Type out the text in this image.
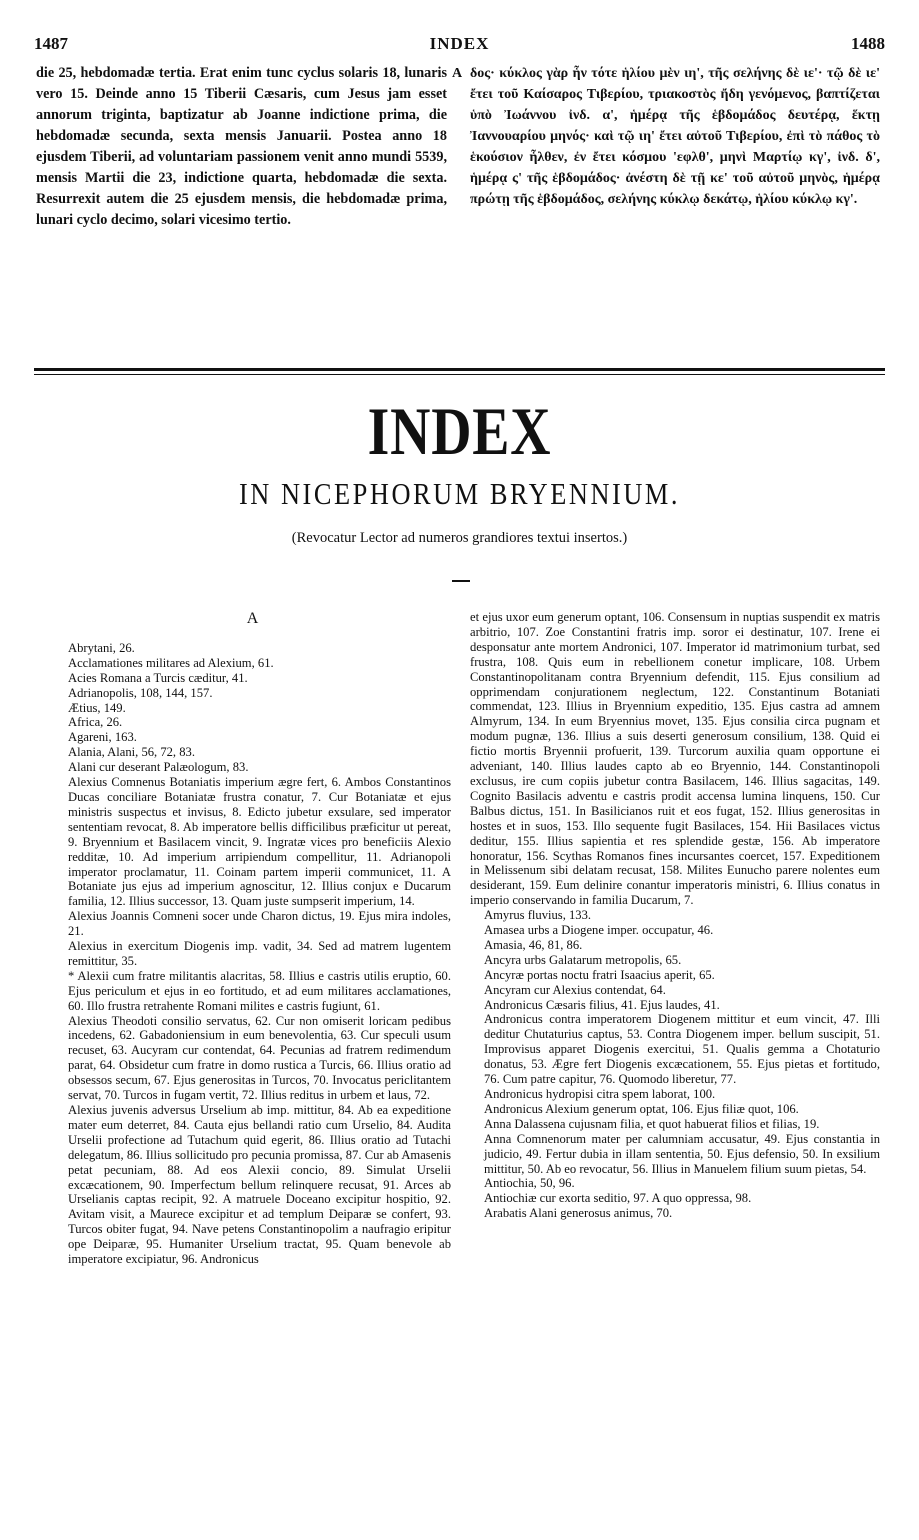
1487	INDEX	1488
die 25, hebdomadæ tertia. Erat enim tunc cyclus solaris 18, lunaris vero 15. Deinde anno 15 Tiberii Cæsaris, cum Jesus jam esset annorum triginta, baptizatur ab Joanne indictione prima, die hebdomadæ secunda, sexta mensis Januarii. Postea anno 18 ejusdem Tiberii, ad voluntariam passionem venit anno mundi 5539, mensis Martii die 23, indictione quarta, hebdomadæ die sexta. Resurrexit autem die 25 ejusdem mensis, die hebdomadæ prima, lunari cyclo decimo, solari vicesimo tertio.
A δος· κύκλος γὰρ ἦν τότε ἡλίου μὲν ιη', τῆς σελήνης δὲ ιε'· τῷ δὲ ιε' ἔτει τοῦ Καίσαρος Τιβερίου, τριακοστὸς ἤδη γενόμενος, βαπτίζεται ὑπὸ Ἰωάννου ἰνδ. α', ἡμέρᾳ τῆς ἑβδομάδος δευτέρᾳ, ἕκτῃ Ἰαννουαρίου μηνός· καὶ τῷ ιη' ἔτει αὐτοῦ Τιβερίου, ἐπὶ τὸ πάθος τὸ ἑκούσιον ἦλθεν, ἐν ἔτει κόσμου 'εφλθ', μηνὶ Μαρτίῳ κγ', ἰνδ. δ', ἡμέρᾳ ς' τῆς ἑβδομάδος· ἀνέστη δὲ τῇ κε' τοῦ αὐτοῦ μηνὸς, ἡμέρᾳ πρώτῃ τῆς ἑβδομάδος, σελήνης κύκλῳ δεκάτῳ, ἡλίου κύκλῳ κγ'.
INDEX
IN NICEPHORUM BRYENNIUM.
(Revocatur Lector ad numeros grandiores textui insertos.)
A

Abrytani, 26.

Acclamationes militares ad Alexium, 61.

Acies Romana a Turcis cæditur, 41.

Adrianopolis, 108, 144, 157.

Ætius, 149.

Africa, 26.

Agareni, 163.

Alania, Alani, 56, 72, 83.

Alani cur deserant Palæologum, 83.

Alexius Comnenus Botaniatis imperium ægre fert, 6. Ambos Constantinos Ducas conciliare Botaniatæ frustra conatur, 7. Cur Botaniatæ et ejus ministris suspectus et invisus, 8. Edicto jubetur exsulare, sed imperator sententiam revocat, 8. Ab imperatore bellis difficilibus præficitur ut pereat, 9. Bryennium et Basilacem vincit, 9. Ingratæ vices pro beneficiis Alexio redditæ, 10. Ad imperium arripiendum compellitur, 11. Adrianopoli imperator proclamatur, 11. Coinam partem imperii communicet, 11. A Botaniate jus ejus ad imperium agnoscitur, 12. Illius conjux e Ducarum familia, 12. Illius successor, 13. Quam juste sumpserit imperium, 14.

Alexius Joannis Comneni socer unde Charon dictus, 19. Ejus mira indoles, 21.

Alexius in exercitum Diogenis imp. vadit, 34. Sed ad matrem lugentem remittitur, 35.

* Alexii cum fratre militantis alacritas, 58. Illius e castris utilis eruptio, 60. Ejus periculum et ejus in eo fortitudo, et ad eum militares acclamationes, 60. Illo frustra retrahente Romani milites e castris fugiunt, 61.

Alexius Theodoti consilio servatus, 62. Cur non omiserit loricam pedibus incedens, 62. Gabadoniensium in eum benevolentia, 63. Cur speculi usum recuset, 63. Aucyram cur contendat, 64. Pecunias ad fratrem redimendum parat, 64. Obsidetur cum fratre in domo rustica a Turcis, 66. Illius oratio ad obsessos secum, 67. Ejus generositas in Turcos, 70. Invocatus periclitantem servat, 70. Turcos in fugam vertit, 72. Illius reditus in urbem et laus, 72.

Alexius juvenis adversus Urselium ab imp. mittitur, 84. Ab ea expeditione mater eum deterret, 84. Cauta ejus bellandi ratio cum Urselio, 84. Audita Urselii profectione ad Tutachum quid egerit, 86. Illius oratio ad Tutachi delegatum, 86. Illius sollicitudo pro pecunia promissa, 87. Cur ab Amasenis petat pecuniam, 88. Ad eos Alexii concio, 89. Simulat Urselii excæcationem, 90. Imperfectum bellum relinquere recusat, 91. Arces ab Urselianis captas recipit, 92. A matruele Doceano excipitur hospitio, 92. Avitam visit, a Maurece excipitur et ad templum Deiparæ se confert, 93. Turcos obiter fugat, 94. Nave petens Constantinopolim a naufragio eripitur ope Deiparæ, 95. Humaniter Urselium tractat, 95. Quam benevole ab imperatore excipiatur, 96. Andronicus

et ejus uxor eum generum optant, 106. Consensum in nuptias suspendit ex matris arbitrio, 107. Zoe Constantini fratris imp. soror ei destinatur, 107. Irene ei desponsatur ante mortem Andronici, 107. Imperator id matrimonium turbat, sed frustra, 108. Quis eum in rebellionem conetur implicare, 108. Urbem Constantinopolitanam contra Bryennium defendit, 115. Ejus consilium ad opprimendam conjurationem neglectum, 122. Constantinum Botaniati commendat, 123. Illius in Bryennium expeditio, 135. Ejus castra ad amnem Almyrum, 134. In eum Bryennius movet, 135. Ejus consilia circa pugnam et modum pugnæ, 136. Illius a suis deserti generosum consilium, 138. Quid ei fictio mortis Bryennii profuerit, 139. Turcorum auxilia quam opportune ei adveniant, 140. Illius laudes capto ab eo Bryennio, 144. Constantinopoli exclusus, ire cum copiis jubetur contra Basilacem, 146. Illius sagacitas, 149. Cognito Basilacis adventu e castris prodit accensa lumina linquens, 150. Cur Balbus dictus, 151. In Basilicianos ruit et eos fugat, 152. Illius generositas in hostes et in suos, 153. Illo sequente fugit Basilaces, 154. Hii Basilaces victus deditur, 155. Illius sapientia et res splendide gestæ, 156. Ab imperatore honoratur, 156. Scythas Romanos fines incursantes coercet, 157. Expeditionem in Melissenum sibi delatam recusat, 158. Milites Eunucho parere nolentes eum desiderant, 159. Eum delinire conantur imperatoris ministri, 6. Illius conatus in imperio conservando in familia Ducarum, 7.

Amyrus fluvius, 133.

Amasea urbs a Diogene imper. occupatur, 46.

Amasia, 46, 81, 86.

Ancyra urbs Galatarum metropolis, 65.

Ancyræ portas noctu fratri Isaacius aperit, 65.

Ancyram cur Alexius contendat, 64.

Andronicus Cæsaris filius, 41. Ejus laudes, 41.

Andronicus contra imperatorem Diogenem mittitur et eum vincit, 47. Illi deditur Chutaturius captus, 53. Contra Diogenem imper. bellum suscipit, 51. Improvisus apparet Diogenis exercitui, 51. Qualis gemma a Chotaturio donatus, 53. Ægre fert Diogenis excæcationem, 55. Ejus pietas et fortitudo, 76. Cum patre capitur, 76. Quomodo liberetur, 77.

Andronicus hydropisi citra spem laborat, 100.

Andronicus Alexium generum optat, 106. Ejus filiæ quot, 106.

Anna Dalassena cujusnam filia, et quot habuerat filios et filias, 19.

Anna Comnenorum mater per calumniam accusatur, 49. Ejus constantia in judicio, 49. Fertur dubia in illam sententia, 50. Ejus defensio, 50. In exsilium mittitur, 50. Ab eo revocatur, 56. Illius in Manuelem filium suum pietas, 54.

Antiochia, 50, 96.

Antiochiæ cur exorta seditio, 97. A quo oppressa, 98.

Arabatis Alani generosus animus, 70.
